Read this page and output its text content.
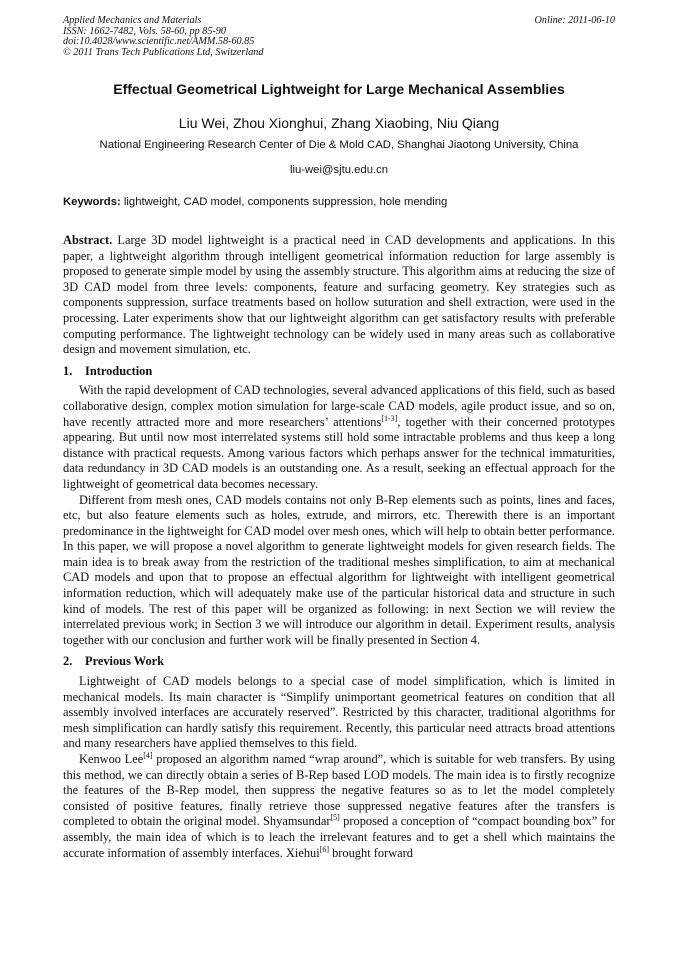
Applied Mechanics and Materials
ISSN: 1662-7482, Vols. 58-60, pp 85-90
doi:10.4028/www.scientific.net/AMM.58-60.85
© 2011 Trans Tech Publications Ltd, Switzerland
Online: 2011-06-10
Effectual Geometrical Lightweight for Large Mechanical Assemblies
Liu Wei, Zhou Xionghui, Zhang Xiaobing, Niu Qiang
National Engineering Research Center of Die & Mold CAD, Shanghai Jiaotong University, China
liu-wei@sjtu.edu.cn
Keywords: lightweight, CAD model, components suppression, hole mending

Abstract. Large 3D model lightweight is a practical need in CAD developments and applications. In this paper, a lightweight algorithm through intelligent geometrical information reduction for large assembly is proposed to generate simple model by using the assembly structure. This algorithm aims at reducing the size of 3D CAD model from three levels: components, feature and surfacing geometry. Key strategies such as components suppression, surface treatments based on hollow suturation and shell extraction, were used in the processing. Later experiments show that our lightweight algorithm can get satisfactory results with preferable computing performance. The lightweight technology can be widely used in many areas such as collaborative design and movement simulation, etc.

1. Introduction

With the rapid development of CAD technologies, several advanced applications of this field, such as based collaborative design, complex motion simulation for large-scale CAD models, agile product issue, and so on, have recently attracted more and more researchers’ attentions[1-3], together with their concerned prototypes appearing. But until now most interrelated systems still hold some intractable problems and thus keep a long distance with practical requests. Among various factors which perhaps answer for the technical immaturities, data redundancy in 3D CAD models is an outstanding one. As a result, seeking an effectual approach for the lightweight of geometrical data becomes necessary.

Different from mesh ones, CAD models contains not only B-Rep elements such as points, lines and faces, etc, but also feature elements such as holes, extrude, and mirrors, etc. Therewith there is an important predominance in the lightweight for CAD model over mesh ones, which will help to obtain better performance. In this paper, we will propose a novel algorithm to generate lightweight models for given research fields. The main idea is to break away from the restriction of the traditional meshes simplification, to aim at mechanical CAD models and upon that to propose an effectual algorithm for lightweight with intelligent geometrical information reduction, which will adequately make use of the particular historical data and structure in such kind of models. The rest of this paper will be organized as following: in next Section we will review the interrelated previous work; in Section 3 we will introduce our algorithm in detail. Experiment results, analysis together with our conclusion and further work will be finally presented in Section 4.

2. Previous Work

Lightweight of CAD models belongs to a special case of model simplification, which is limited in mechanical models. Its main character is “Simplify unimportant geometrical features on condition that all assembly involved interfaces are accurately reserved”. Restricted by this character, traditional algorithms for mesh simplification can hardly satisfy this requirement. Recently, this particular need attracts broad attentions and many researchers have applied themselves to this field.

Kenwoo Lee[4] proposed an algorithm named “wrap around”, which is suitable for web transfers. By using this method, we can directly obtain a series of B-Rep based LOD models. The main idea is to firstly recognize the features of the B-Rep model, then suppress the negative features so as to let the model completely consisted of positive features, finally retrieve those suppressed negative features after the transfers is completed to obtain the original model. Shyamsundar[5] proposed a conception of “compact bounding box” for assembly, the main idea of which is to leach the irrelevant features and to get a shell which maintains the accurate information of assembly interfaces. Xiehui[6] brought forward
